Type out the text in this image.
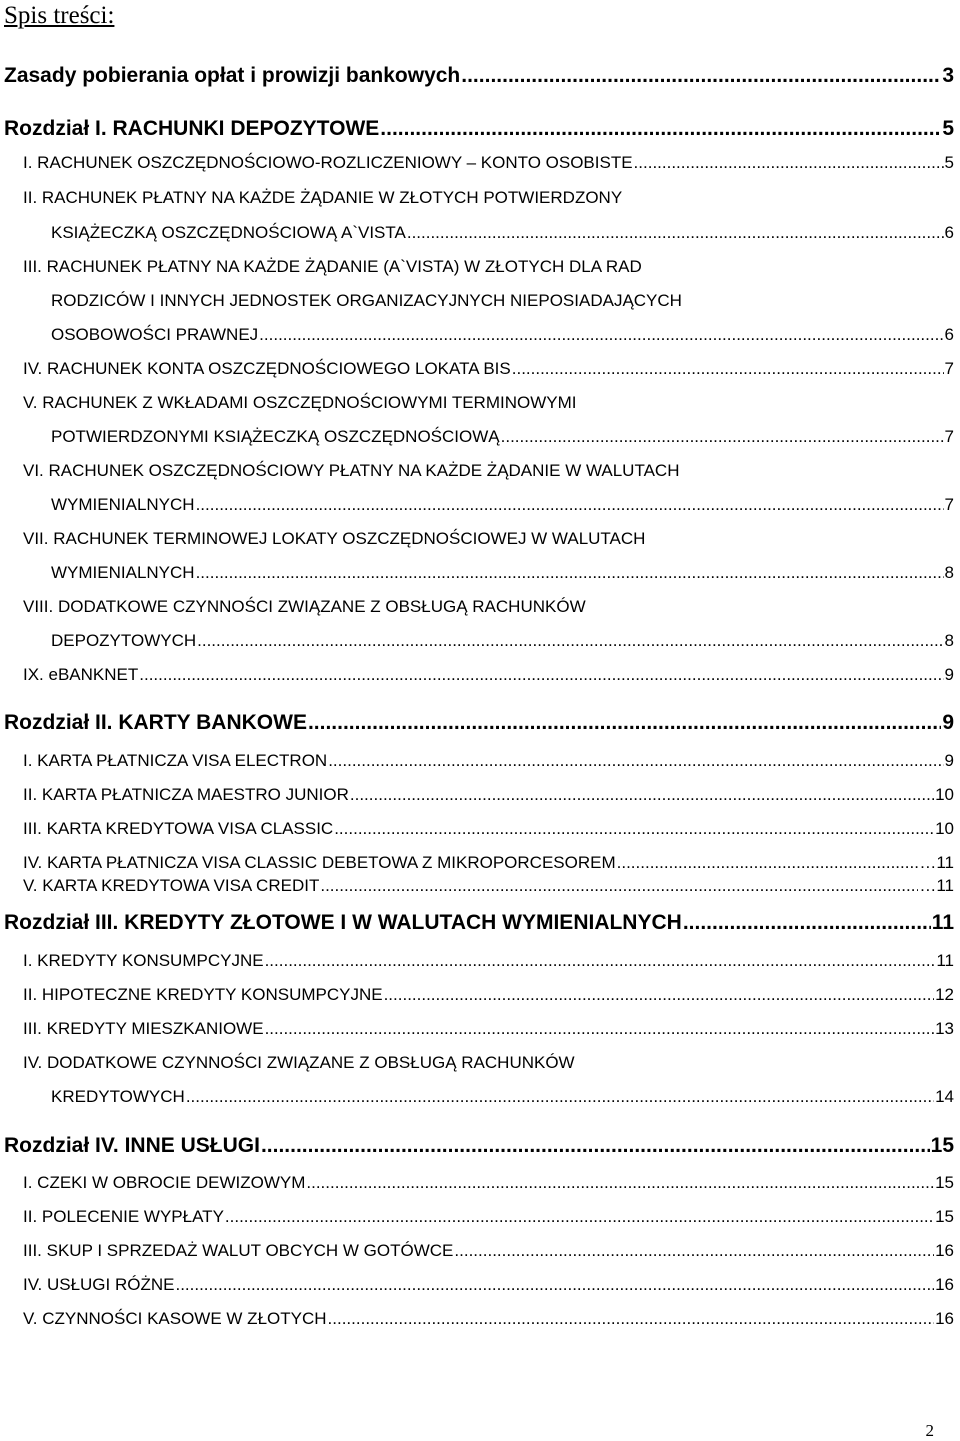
Spis treści:
Zasady pobierania opłat i prowizji bankowych .....	3
Rozdział I. RACHUNKI DEPOZYTOWE .....	5
I. RACHUNEK OSZCZĘDNOŚCIOWO-ROZLICZENIOWY – KONTO OSOBISTE .....	5
II. RACHUNEK PŁATNY NA KAŻDE ŻĄDANIE W ZŁOTYCH POTWIERDZONY
KSIĄŻECZKĄ OSZCZĘDNOŚCIOWĄ A`VISTA .....	6
III. RACHUNEK PŁATNY NA KAŻDE ŻĄDANIE (A`VISTA) W ZŁOTYCH DLA RAD
RODZICÓW I INNYCH JEDNOSTEK ORGANIZACYJNYCH NIEPOSIADAJĄCYCH
OSOBOWOŚCI PRAWNEJ .....	6
IV. RACHUNEK KONTA OSZCZĘDNOŚCIOWEGO LOKATA BIS .....	7
V. RACHUNEK Z WKŁADAMI OSZCZĘDNOŚCIOWYMI TERMINOWYMI
POTWIERDZONYMI KSIĄŻECZKĄ OSZCZĘDNOŚCIOWĄ .....	7
VI. RACHUNEK OSZCZĘDNOŚCIOWY PŁATNY NA KAŻDE ŻĄDANIE W WALUTACH
WYMIENIALNYCH .....	7
VII. RACHUNEK TERMINOWEJ LOKATY OSZCZĘDNOŚCIOWEJ W WALUTACH
WYMIENIALNYCH .....	8
VIII. DODATKOWE CZYNNOŚCI ZWIĄZANE Z OBSŁUGĄ RACHUNKÓW
DEPOZYTOWYCH .....	8
IX. eBANKNET .....	9
Rozdział II. KARTY BANKOWE .....	9
I. KARTA PŁATNICZA VISA ELECTRON .....	9
II. KARTA PŁATNICZA MAESTRO JUNIOR .....	10
III. KARTA KREDYTOWA VISA CLASSIC .....	10
IV. KARTA PŁATNICZA VISA CLASSIC DEBETOWA Z MIKROPORCESOREM .....	…11
V. KARTA KREDYTOWA VISA CREDIT .....	…11
Rozdział III. KREDYTY ZŁOTOWE I W WALUTACH WYMIENIALNYCH .....	11
I. KREDYTY KONSUMPCYJNE .....	11
II. HIPOTECZNE KREDYTY KONSUMPCYJNE .....	12
III. KREDYTY MIESZKANIOWE .....	13
IV. DODATKOWE CZYNNOŚCI ZWIĄZANE Z OBSŁUGĄ RACHUNKÓW
KREDYTOWYCH .....	14
Rozdział IV. INNE USŁUGI .....	15
I. CZEKI W OBROCIE DEWIZOWYM .....	15
II. POLECENIE WYPŁATY .....	15
III. SKUP I SPRZEDAŻ WALUT OBCYCH W GOTÓWCE .....	16
IV. USŁUGI RÓŻNE .....	16
V. CZYNNOŚCI KASOWE W ZŁOTYCH .....	16
2
